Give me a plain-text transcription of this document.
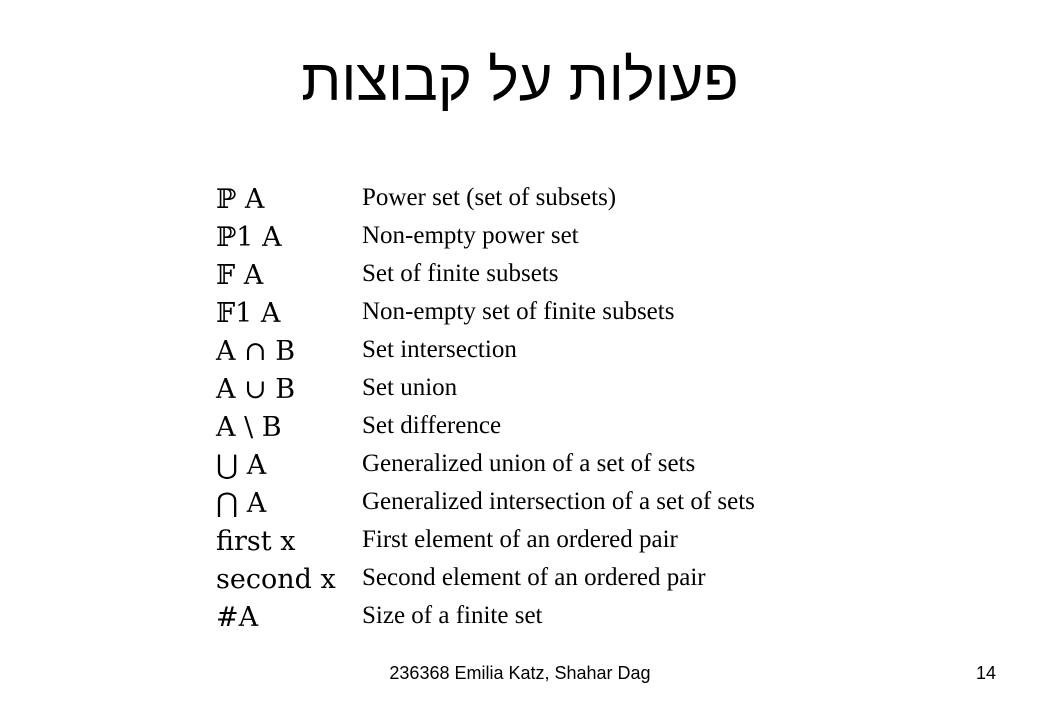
פעולות על קבוצות
ℙ A	Power set (set of subsets)
ℙ1 A	Non-empty power set
𝔽 A	Set of finite subsets
𝔽1 A	Non-empty set of finite subsets
A ∩ B	Set intersection
A ∪ B	Set union
A \ B	Set difference
⋃ A	Generalized union of a set of sets
⋂ A	Generalized intersection of a set of sets
first x	First element of an ordered pair
second x	Second element of an ordered pair
#A	Size of a finite set
236368 Emilia Katz, Shahar Dag	14
